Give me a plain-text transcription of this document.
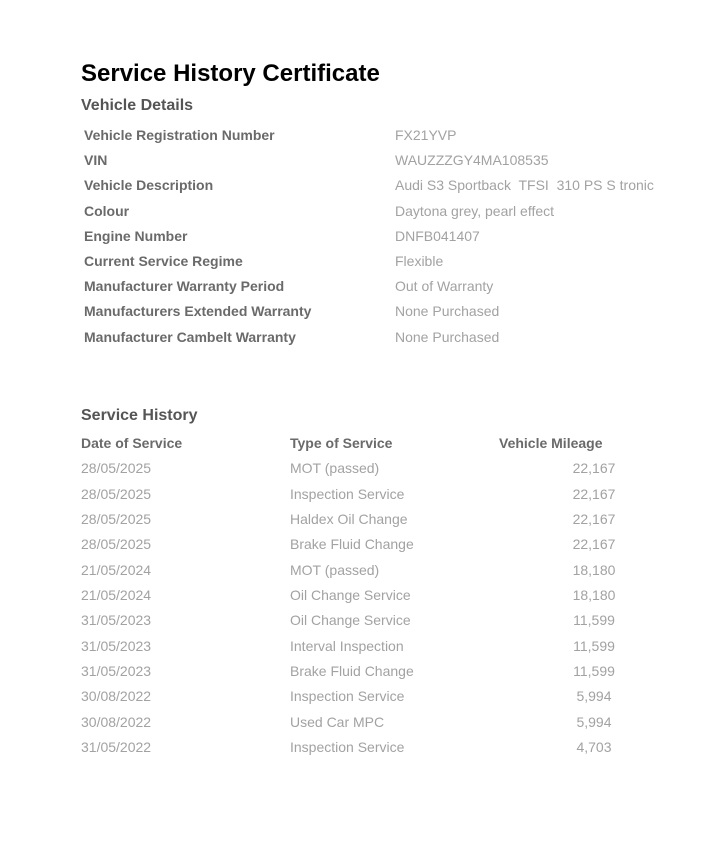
Service History Certificate
Vehicle Details
Vehicle Registration Number	FX21YVP
VIN	WAUZZZGY4MA108535
Vehicle Description	Audi S3 Sportback  TFSI  310 PS S tronic
Colour	Daytona grey, pearl effect
Engine Number	DNFB041407
Current Service Regime	Flexible
Manufacturer Warranty Period	Out of Warranty
Manufacturers Extended Warranty	None Purchased
Manufacturer Cambelt Warranty	None Purchased
Service History
Date of Service	Type of Service	Vehicle Mileage
28/05/2025	MOT (passed)	22,167
28/05/2025	Inspection Service	22,167
28/05/2025	Haldex Oil Change	22,167
28/05/2025	Brake Fluid Change	22,167
21/05/2024	MOT (passed)	18,180
21/05/2024	Oil Change Service	18,180
31/05/2023	Oil Change Service	11,599
31/05/2023	Interval Inspection	11,599
31/05/2023	Brake Fluid Change	11,599
30/08/2022	Inspection Service	5,994
30/08/2022	Used Car MPC	5,994
31/05/2022	Inspection Service	4,703
